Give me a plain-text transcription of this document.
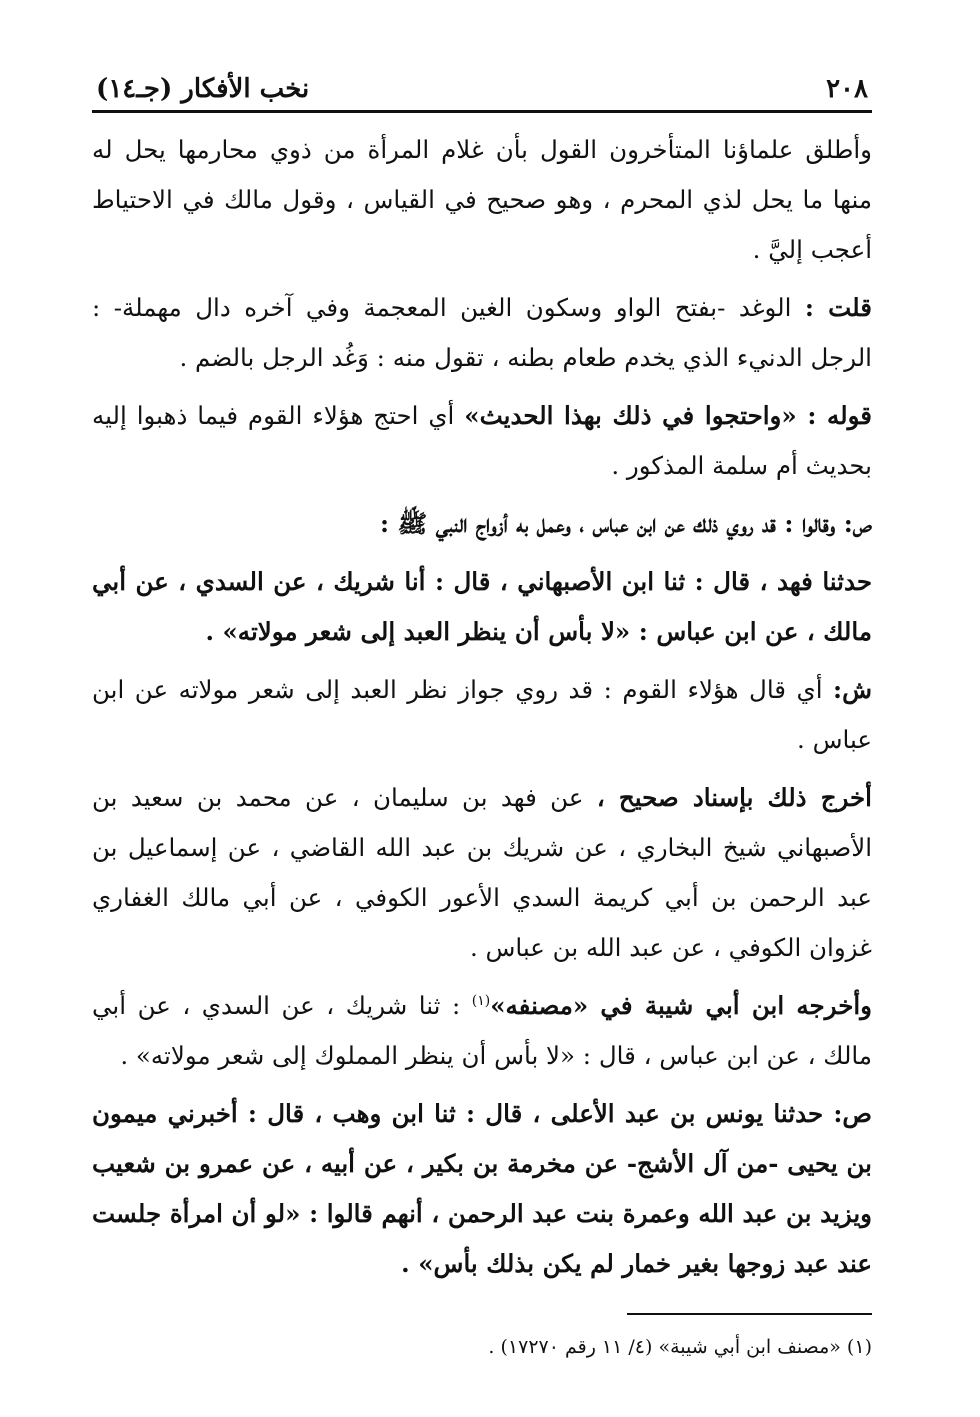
٢٠٨
نخب الأفكار (جـ١٤)

وأطلق علماؤنا المتأخرون القول بأن غلام المرأة من ذوي محارمها يحل له منها ما يحل لذي المحرم ، وهو صحيح في القياس ، وقول مالك في الاحتياط أعجب إليَّ .

قلت : الوغد -بفتح الواو وسكون الغين المعجمة وفي آخره دال مهملة- : الرجل الدنيء الذي يخدم طعام بطنه ، تقول منه : وَغُد الرجل بالضم .

قوله : «واحتجوا في ذلك بهذا الحديث» أي احتج هؤلاء القوم فيما ذهبوا إليه بحديث أم سلمة المذكور .

ص: وقالوا : قد روي ذلك عن ابن عباس ، وعمل به أزواج النبي ﷺ :

حدثنا فهد ، قال : ثنا ابن الأصبهاني ، قال : أنا شريك ، عن السدي ، عن أبي مالك ، عن ابن عباس : «لا بأس أن ينظر العبد إلى شعر مولاته» .

ش: أي قال هؤلاء القوم : قد روي جواز نظر العبد إلى شعر مولاته عن ابن عباس .

أخرج ذلك بإسناد صحيح ، عن فهد بن سليمان ، عن محمد بن سعيد بن الأصبهاني شيخ البخاري ، عن شريك بن عبد الله القاضي ، عن إسماعيل بن عبد الرحمن بن أبي كريمة السدي الأعور الكوفي ، عن أبي مالك الغفاري غزوان الكوفي ، عن عبد الله بن عباس .

وأخرجه ابن أبي شيبة في «مصنفه»$^{(١)}$ : ثنا شريك ، عن السدي ، عن أبي مالك ، عن ابن عباس ، قال : «لا بأس أن ينظر المملوك إلى شعر مولاته» .

ص: حدثنا يونس بن عبد الأعلى ، قال : ثنا ابن وهب ، قال : أخبرني ميمون بن يحيى -من آل الأشج- عن مخرمة بن بكير ، عن أبيه ، عن عمرو بن شعيب ويزيد بن عبد الله وعمرة بنت عبد الرحمن ، أنهم قالوا : «لو أن امرأة جلست عند عبد زوجها بغير خمار لم يكن بذلك بأس» .

(١) «مصنف ابن أبي شيبة» (٤/ ١١ رقم ١٧٢٧٠) .
